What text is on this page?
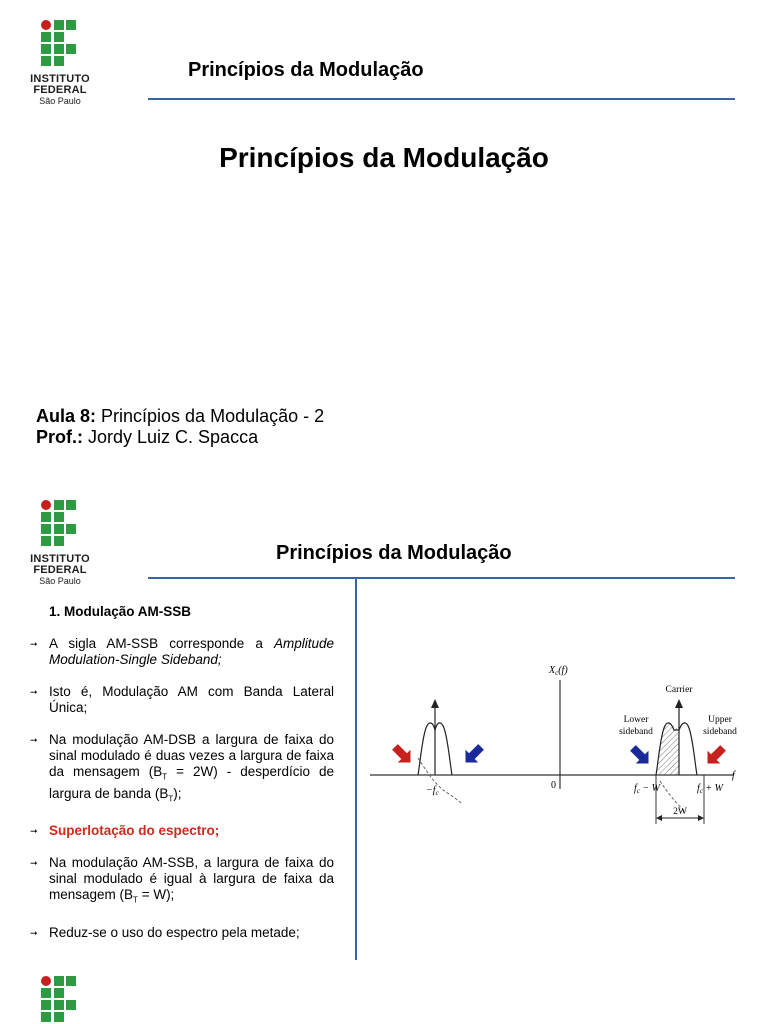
INSTITUTO
FEDERAL
São Paulo
Princípios da Modulação
Princípios da Modulação
Aula 8: Princípios da Modulação - 2
Prof.: Jordy Luiz C. Spacca
INSTITUTO
FEDERAL
São Paulo
Princípios da Modulação
1. Modulação AM-SSB
➞ A sigla AM-SSB corresponde a Amplitude Modulation-Single Sideband;
➞ Isto é, Modulação AM com Banda Lateral Única;
➞ Na modulação AM-DSB a largura de faixa do sinal modulado é duas vezes a largura de faixa da mensagem $(B_T = 2W)$ - desperdício de largura de banda $(B_T)$;
➞ Superlotação do espectro;
➞ Na modulação AM-SSB, a largura de faixa do sinal modulado é igual à largura de faixa da mensagem $(B_T = W)$;
➞ Reduz-se o uso do espectro pela metade;
f
$X_c(f)$
0
$-f_c$
Carrier
Lower
sideband
Upper
sideband
$f_c - W$	$f_c + W$
2W
